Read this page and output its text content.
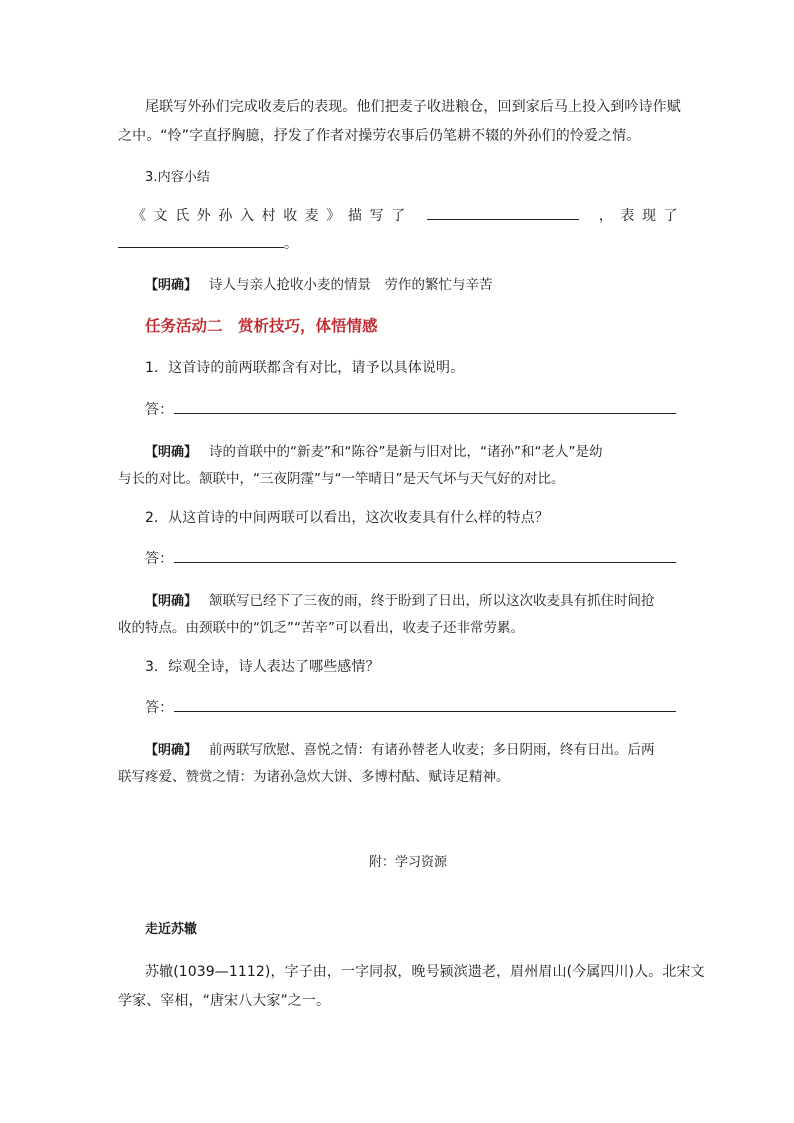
尾联写外孙们完成收麦后的表现。他们把麦子收进粮仓，回到家后马上投入到吟诗作赋
之中。“怜”字直抒胸臆，抒发了作者对操劳农事后仍笔耕不辍的外孙们的怜爱之情。
3.内容小结
《文氏外孙入村收麦》描写了	，表现了
。
【明确】 诗人与亲人抢收小麦的情景　劳作的繁忙与辛苦
任务活动二　赏析技巧，体悟情感
1．这首诗的前两联都含有对比，请予以具体说明。
答：
【明确】 诗的首联中的“新麦”和“陈谷”是新与旧对比，“诸孙”和“老人”是幼
与长的对比。颔联中，“三夜阴霪”与“一竿晴日”是天气坏与天气好的对比。
2．从这首诗的中间两联可以看出，这次收麦具有什么样的特点？
答：
【明确】 颔联写已经下了三夜的雨，终于盼到了日出，所以这次收麦具有抓住时间抢
收的特点。由颈联中的“饥乏”“苦辛”可以看出，收麦子还非常劳累。
3．综观全诗，诗人表达了哪些感情？
答：
【明确】 前两联写欣慰、喜悦之情：有诸孙替老人收麦；多日阴雨，终有日出。后两
联写疼爱、赞赏之情：为诸孙急炊大饼、多博村酤、赋诗足精神。
附：学习资源
走近苏辙
苏辙(1039—1112)，字子由，一字同叔，晚号颍滨遗老，眉州眉山(今属四川)人。北宋文
学家、宰相，“唐宋八大家”之一。
